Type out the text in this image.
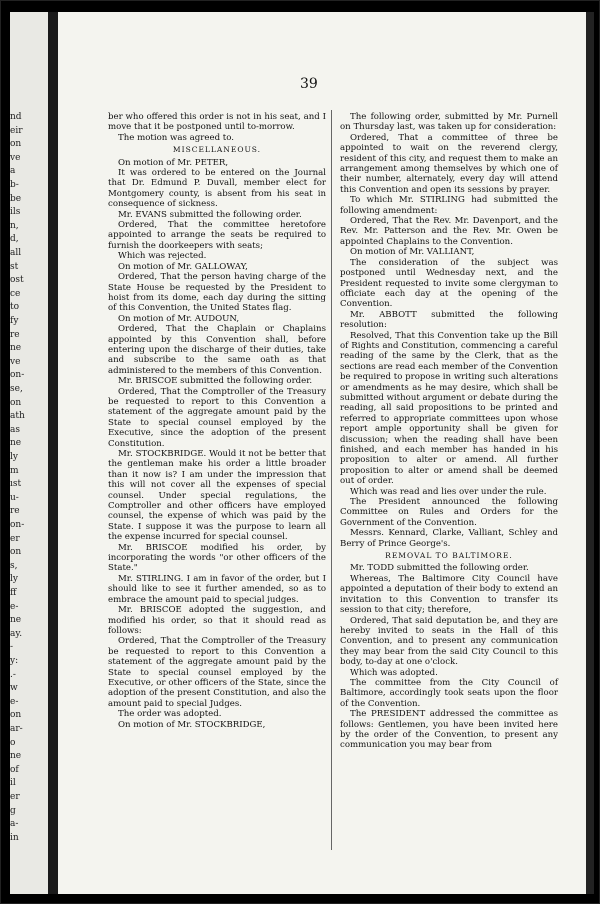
nd
eir
on
ve
a
b-
be
ils
n,
d,
all
st
ost
ce
to
fy
re
ne
ve
on-
se,
on
ath
as
ne
ly
m
ıst
u-
re
on-
er
on
s,
ly
ff
e-
ne
ay.
-
y:
.-
w
e-
on
ar-
o
ne
of
il
er
g
a-
in
39

ber who offered this order is not in his seat, and I move that it be postponed until to-morrow.

The motion was agreed to.

MISCELLANEOUS.

On motion of Mr. PETER,

It was ordered to be entered on the Journal that Dr. Edmund P. Duvall, member elect for Montgomery county, is absent from his seat in consequence of sickness.

Mr. EVANS submitted the following order.

Ordered, That the committee heretofore appointed to arrange the seats be required to furnish the doorkeepers with seats;

Which was rejected.

On motion of Mr. GALLOWAY,

Ordered, That the person having charge of the State House be requested by the President to hoist from its dome, each day during the sitting of this Convention, the United States flag.

On motion of Mr. AUDOUN,

Ordered, That the Chaplain or Chaplains appointed by this Convention shall, before entering upon the discharge of their duties, take and subscribe to the same oath as that administered to the members of this Convention.

Mr. BRISCOE submitted the following order.

Ordered, That the Comptroller of the Treasury be requested to report to this Convention a statement of the aggregate amount paid by the State to special counsel employed by the Executive, since the adoption of the present Constitution.

Mr. STOCKBRIDGE. Would it not be better that the gentleman make his order a little broader than it now is? I am under the impression that this will not cover all the expenses of special counsel. Under special regulations, the Comptroller and other officers have employed counsel, the expense of which was paid by the State. I suppose it was the purpose to learn all the expense incurred for special counsel.

Mr. BRISCOE modified his order, by incorporating the words "or other officers of the State."

Mr. STIRLING. I am in favor of the order, but I should like to see it further amended, so as to embrace the amount paid to special judges.

Mr. BRISCOE adopted the suggestion, and modified his order, so that it should read as follows:

Ordered, That the Comptroller of the Treasury be requested to report to this Convention a statement of the aggregate amount paid by the State to special counsel employed by the Executive, or other officers of the State, since the adoption of the present Constitution, and also the amount paid to special Judges.

The order was adopted.

On motion of Mr. STOCKBRIDGE,

The following order, submitted by Mr. Purnell on Thursday last, was taken up for consideration:

Ordered, That a committee of three be appointed to wait on the reverend clergy, resident of this city, and request them to make an arrangement among themselves by which one of their number, alternately, every day will attend this Convention and open its sessions by prayer.

To which Mr. STIRLING had submitted the following amendment:

Ordered, That the Rev. Mr. Davenport, and the Rev. Mr. Patterson and the Rev. Mr. Owen be appointed Chaplains to the Convention.

On motion of Mr. VALLIANT,

The consideration of the subject was postponed until Wednesday next, and the President requested to invite some clergyman to officiate each day at the opening of the Convention.

Mr. ABBOTT submitted the following resolution:

Resolved, That this Convention take up the Bill of Rights and Constitution, commencing a careful reading of the same by the Clerk, that as the sections are read each member of the Convention be required to propose in writing such alterations or amendments as he may desire, which shall be submitted without argument or debate during the reading, all said propositions to be printed and referred to appropriate committees upon whose report ample opportunity shall be given for discussion; when the reading shall have been finished, and each member has handed in his proposition to alter or amend. All further proposition to alter or amend shall be deemed out of order.

Which was read and lies over under the rule.

The President announced the following Committee on Rules and Orders for the Government of the Convention.

Messrs. Kennard, Clarke, Valliant, Schley and Berry of Prince George's.

REMOVAL TO BALTIMORE.

Mr. TODD submitted the following order.

Whereas, The Baltimore City Council have appointed a deputation of their body to extend an invitation to this Convention to transfer its session to that city; therefore,

Ordered, That said deputation be, and they are hereby invited to seats in the Hall of this Convention, and to present any communication they may bear from the said City Council to this body, to-day at one o'clock.

Which was adopted.

The committee from the City Council of Baltimore, accordingly took seats upon the floor of the Convention.

The PRESIDENT addressed the committee as follows: Gentlemen, you have been invited here by the order of the Convention, to present any communication you may bear from
